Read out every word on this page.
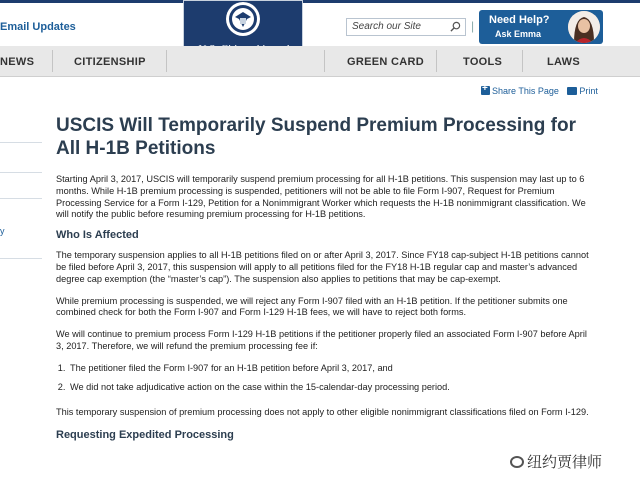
Email Updates	Search our Site	| Need Help?
Ask Emma
NEWS	CITIZENSHIP	GREEN CARD	TOOLS	LAWS
y
+Share This Page Print
USCIS Will Temporarily Suspend Premium Processing for All H-1B Petitions

Starting April 3, 2017, USCIS will temporarily suspend premium processing for all H-1B petitions. This suspension may last up to 6 months. While H-1B premium processing is suspended, petitioners will not be able to file Form I-907, Request for Premium Processing Service for a Form I-129, Petition for a Nonimmigrant Worker which requests the H-1B nonimmigrant classification. We will notify the public before resuming premium processing for H-1B petitions.

Who Is Affected

The temporary suspension applies to all H-1B petitions filed on or after April 3, 2017. Since FY18 cap-subject H-1B petitions cannot be filed before April 3, 2017, this suspension will apply to all petitions filed for the FY18 H-1B regular cap and master’s advanced degree cap exemption (the “master’s cap”). The suspension also applies to petitions that may be cap-exempt.

While premium processing is suspended, we will reject any Form I-907 filed with an H-1B petition. If the petitioner submits one combined check for both the Form I-907 and Form I-129 H-1B fees, we will have to reject both forms.

We will continue to premium process Form I-129 H-1B petitions if the petitioner properly filed an associated Form I-907 before April 3, 2017. Therefore, we will refund the premium processing fee if:

1. The petitioner filed the Form I-907 for an H-1B petition before April 3, 2017, and
2. We did not take adjudicative action on the case within the 15-calendar-day processing period.

This temporary suspension of premium processing does not apply to other eligible nonimmigrant classifications filed on Form I-129.

Requesting Expedited Processing
纽约贾律师
